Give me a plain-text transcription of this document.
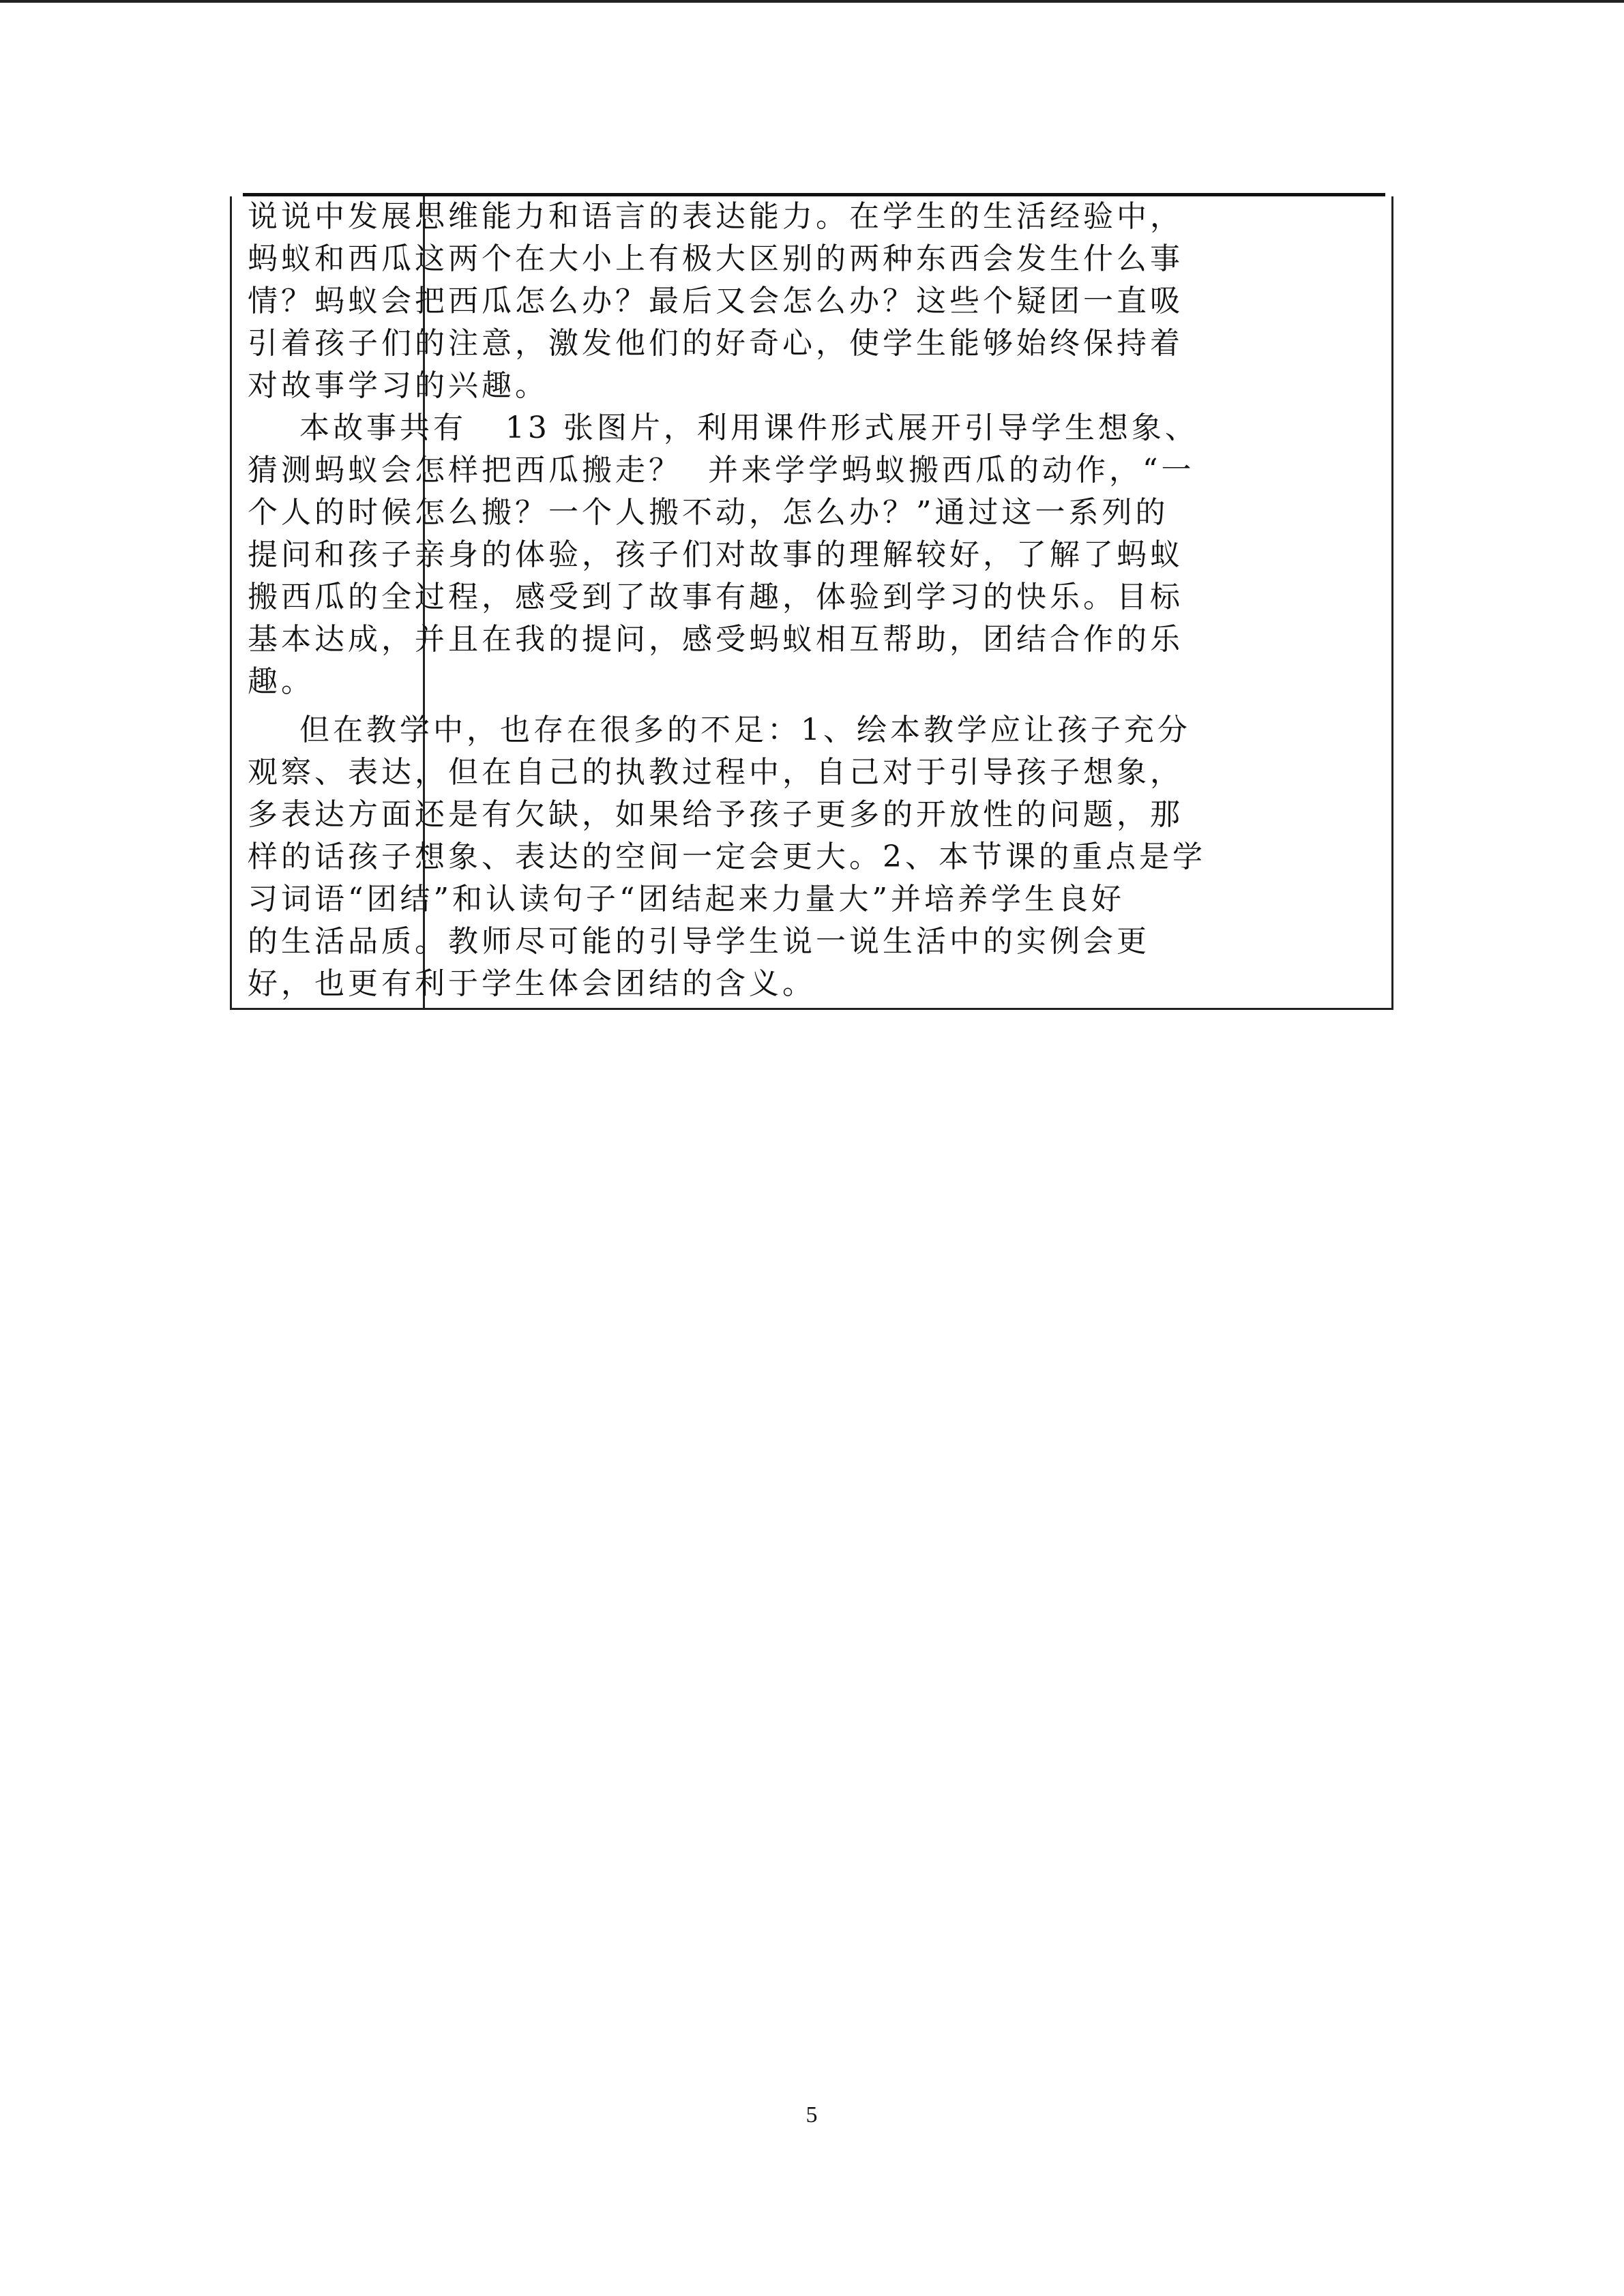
说说中发展思维能力和语言的表达能力。在学生的生活经验中，
蚂蚁和西瓜这两个在大小上有极大区别的两种东西会发生什么事
情？蚂蚁会把西瓜怎么办？最后又会怎么办？这些个疑团一直吸
引着孩子们的注意，激发他们的好奇心，使学生能够始终保持着
对故事学习的兴趣。
本故事共有   13 张图片，利用课件形式展开引导学生想象、
猜测蚂蚁会怎样把西瓜搬走？  并来学学蚂蚁搬西瓜的动作，“一
个人的时候怎么搬？一个人搬不动，怎么办？”通过这一系列的
提问和孩子亲身的体验，孩子们对故事的理解较好，了解了蚂蚁
搬西瓜的全过程，感受到了故事有趣，体验到学习的快乐。目标
基本达成，并且在我的提问，感受蚂蚁相互帮助，团结合作的乐
趣。
但在教学中，也存在很多的不足：1、绘本教学应让孩子充分
观察、表达，但在自己的执教过程中，自己对于引导孩子想象，
多表达方面还是有欠缺，如果给予孩子更多的开放性的问题，那
样的话孩子想象、表达的空间一定会更大。2、本节课的重点是学
习词语“团结”和认读句子“团结起来力量大”并培养学生良好
的生活品质。教师尽可能的引导学生说一说生活中的实例会更
好，也更有利于学生体会团结的含义。
5
